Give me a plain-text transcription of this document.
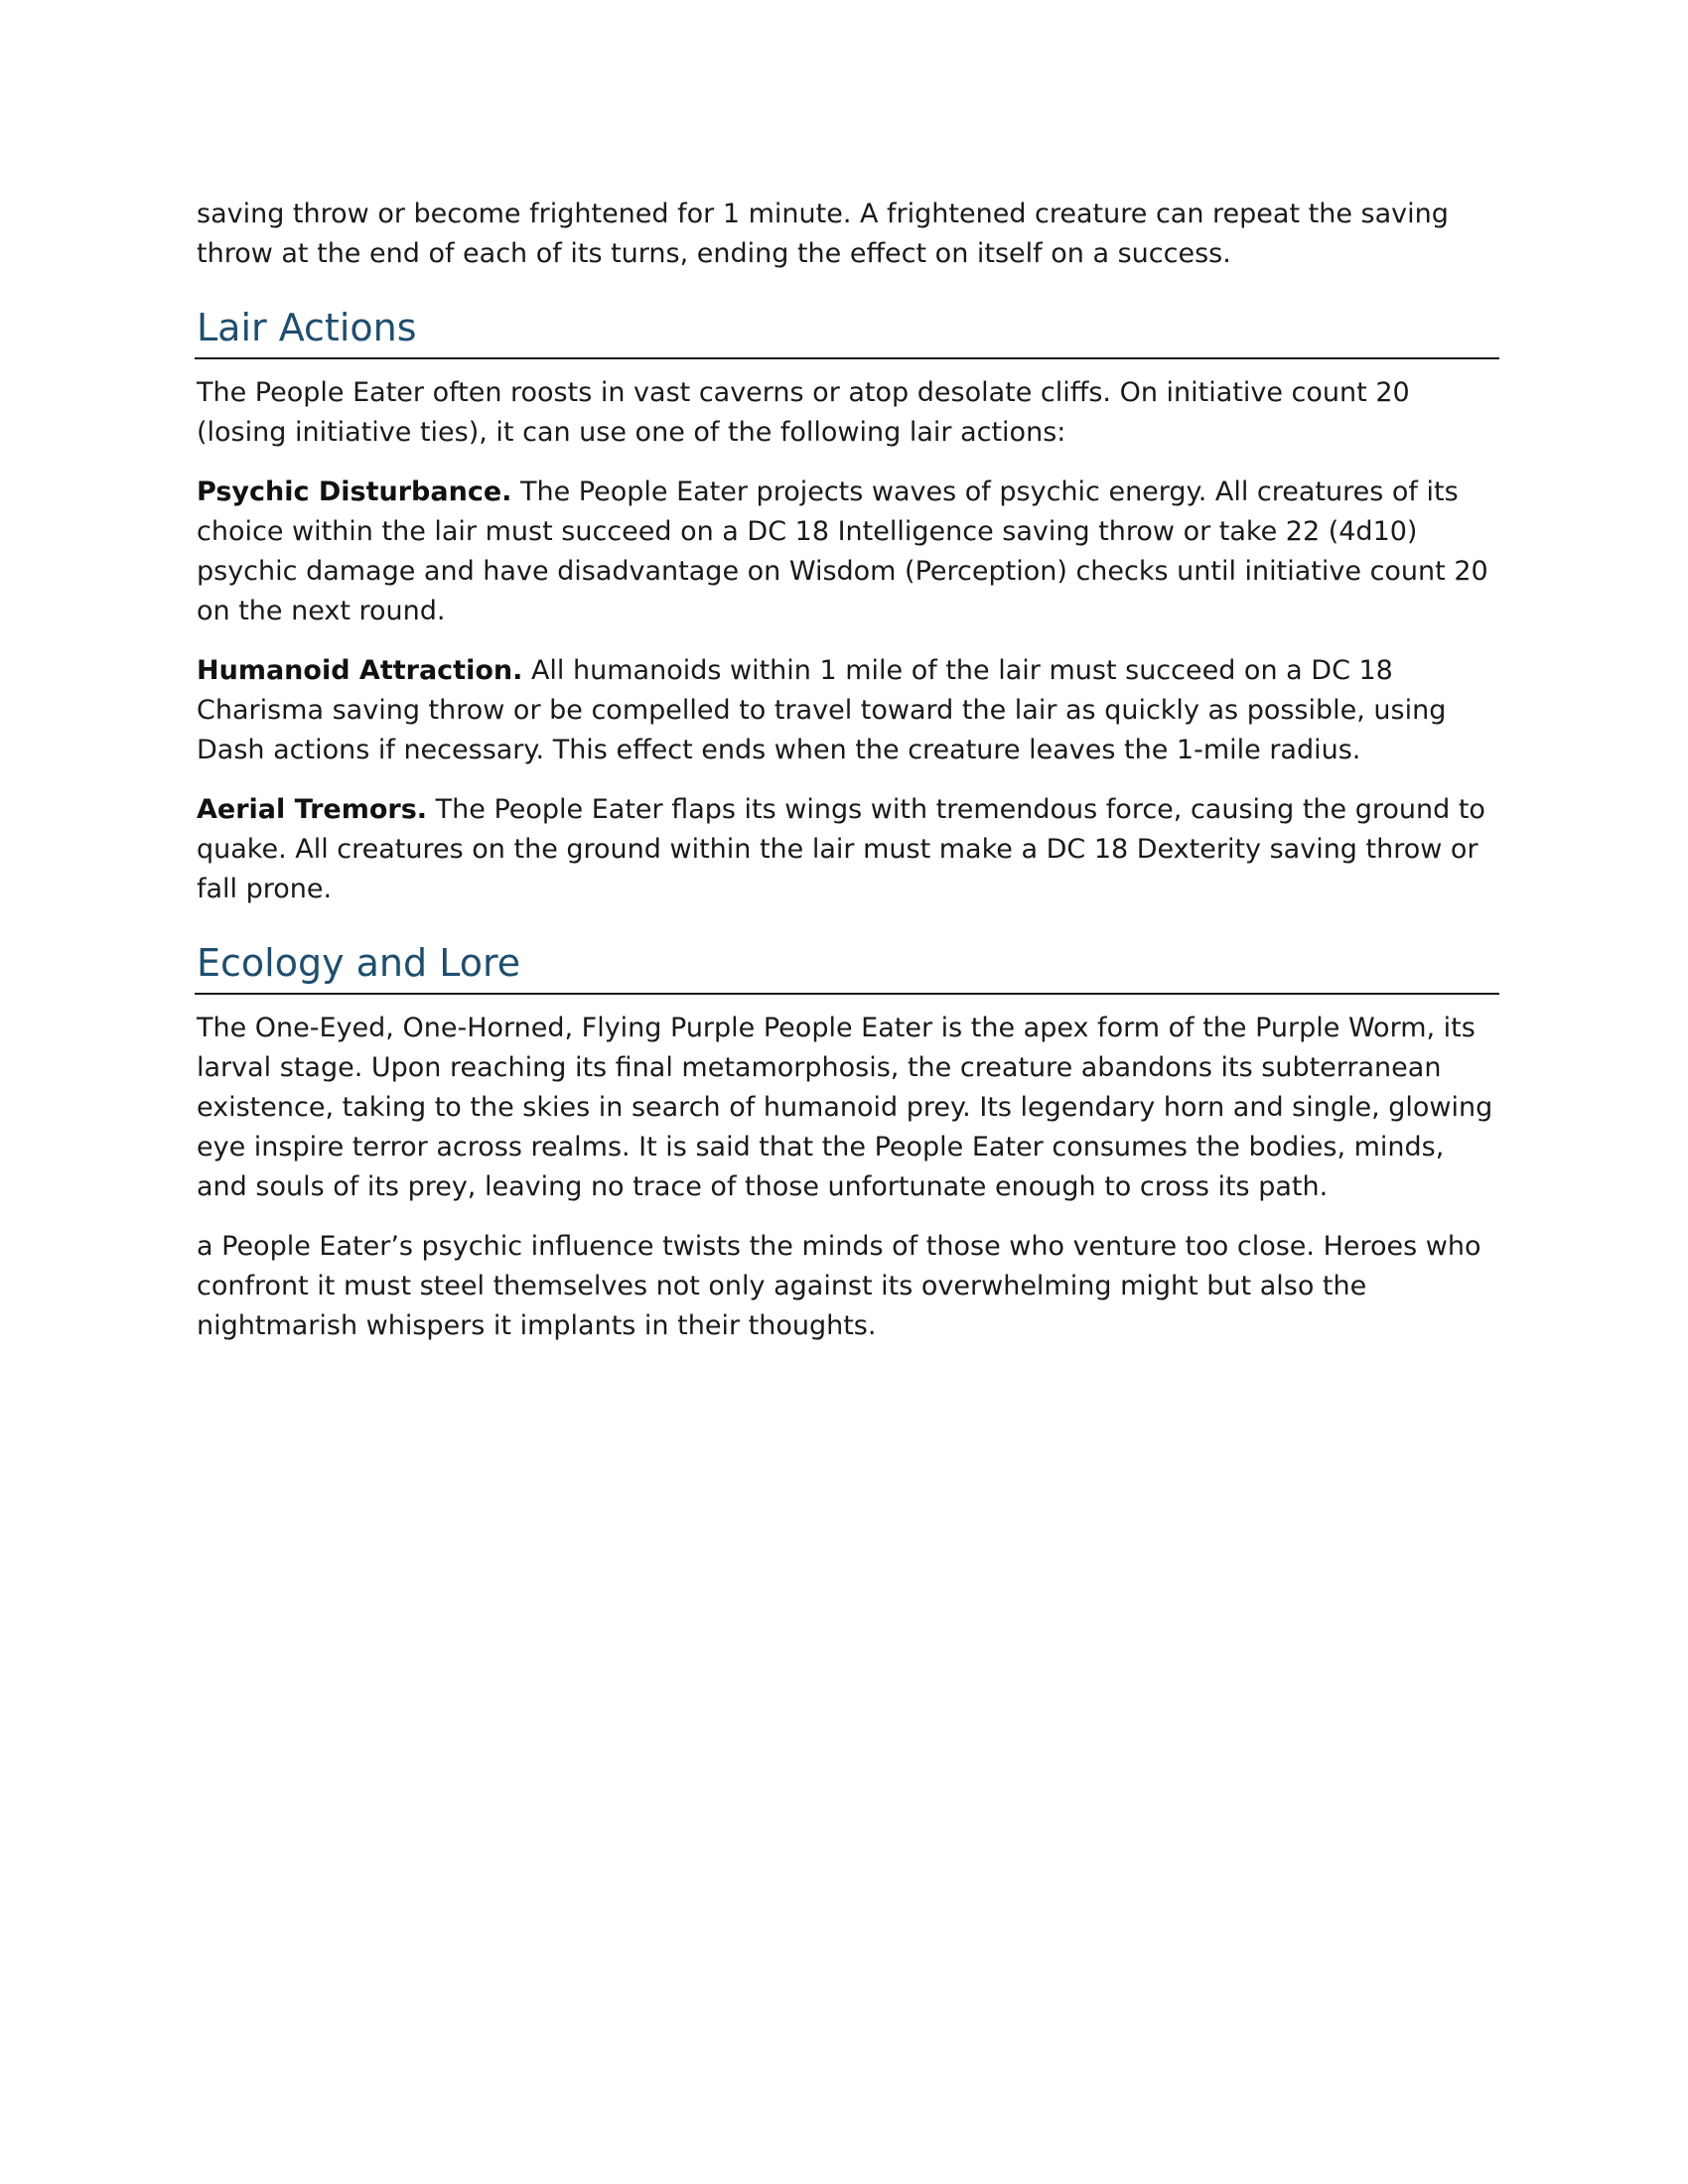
saving throw or become frightened for 1 minute. A frightened creature can repeat the saving throw at the end of each of its turns, ending the effect on itself on a success.

Lair Actions

The People Eater often roosts in vast caverns or atop desolate cliffs. On initiative count 20 (losing initiative ties), it can use one of the following lair actions:

Psychic Disturbance. The People Eater projects waves of psychic energy. All creatures of its choice within the lair must succeed on a DC 18 Intelligence saving throw or take 22 (4d10) psychic damage and have disadvantage on Wisdom (Perception) checks until initiative count 20 on the next round.

Humanoid Attraction. All humanoids within 1 mile of the lair must succeed on a DC 18 Charisma saving throw or be compelled to travel toward the lair as quickly as possible, using Dash actions if necessary. This effect ends when the creature leaves the 1-mile radius.

Aerial Tremors. The People Eater flaps its wings with tremendous force, causing the ground to quake. All creatures on the ground within the lair must make a DC 18 Dexterity saving throw or fall prone.

Ecology and Lore

The One-Eyed, One-Horned, Flying Purple People Eater is the apex form of the Purple Worm, its larval stage. Upon reaching its final metamorphosis, the creature abandons its subterranean existence, taking to the skies in search of humanoid prey. Its legendary horn and single, glowing eye inspire terror across realms. It is said that the People Eater consumes the bodies, minds, and souls of its prey, leaving no trace of those unfortunate enough to cross its path.

a People Eater’s psychic influence twists the minds of those who venture too close. Heroes who confront it must steel themselves not only against its overwhelming might but also the nightmarish whispers it implants in their thoughts.
